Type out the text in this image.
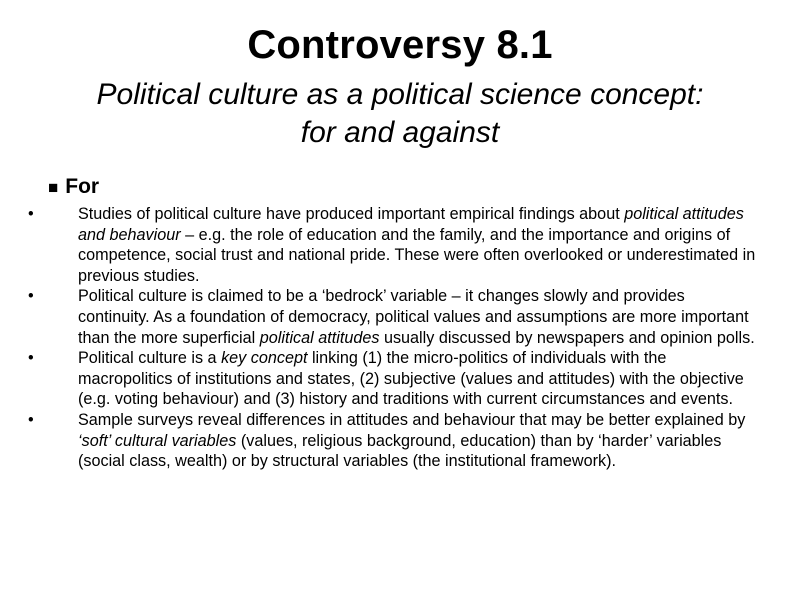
Controversy 8.1
Political culture as a political science concept: for and against
■ For
•	Studies of political culture have produced important empirical findings about political attitudes and behaviour – e.g. the role of education and the family, and the importance and origins of competence, social trust and national pride. These were often overlooked or underestimated in previous studies.
•	Political culture is claimed to be a ‘bedrock’ variable – it changes slowly and provides continuity. As a foundation of democracy, political values and assumptions are more important than the more superficial political attitudes usually discussed by newspapers and opinion polls.
•	Political culture is a key concept linking (1) the micro-politics of individuals with the macropolitics of institutions and states, (2) subjective (values and attitudes) with the objective (e.g. voting behaviour) and (3) history and traditions with current circumstances and events.
•	Sample surveys reveal differences in attitudes and behaviour that may be better explained by ‘soft’ cultural variables (values, religious background, education) than by ‘harder’ variables (social class, wealth) or by structural variables (the institutional framework).
